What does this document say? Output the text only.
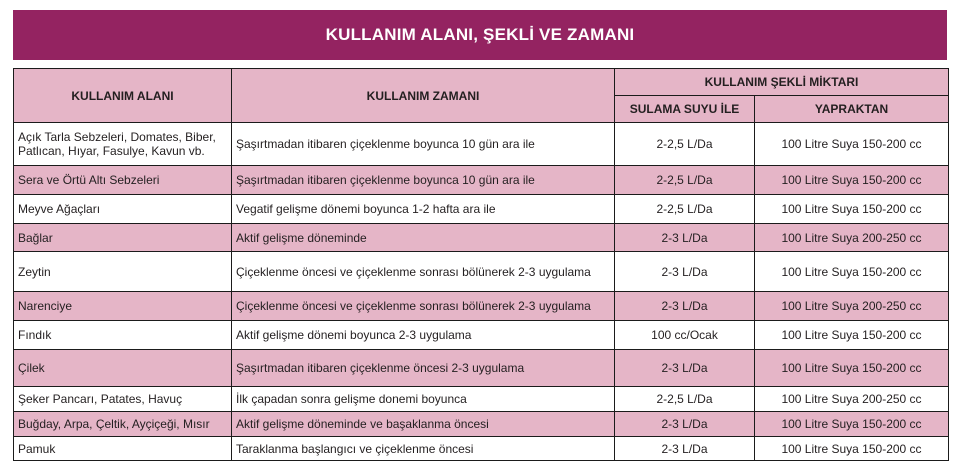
KULLANIM ALANI, ŞEKLİ VE ZAMANI
KULLANIM ALANI	KULLANIM ZAMANI	KULLANIM ŞEKLİ MİKTARI	
		SULAMA SUYU İLE	YAPRAKTAN

Açık Tarla Sebzeleri, Domates, Biber,
Patlıcan, Hıyar, Fasulye, Kavun vb.	Şaşırtmadan itibaren çiçeklenme boyunca 10 gün ara ile	2-2,5 L/Da	100 Litre Suya 150-200 cc
Sera ve Örtü Altı Sebzeleri	Şaşırtmadan itibaren çiçeklenme boyunca 10 gün ara ile	2-2,5 L/Da	100 Litre Suya 150-200 cc
Meyve Ağaçları	Vegatif gelişme dönemi boyunca 1-2 hafta ara ile	2-2,5 L/Da	100 Litre Suya 150-200 cc
Bağlar	Aktif gelişme döneminde	2-3 L/Da	100 Litre Suya 200-250 cc
Zeytin	Çiçeklenme öncesi ve çiçeklenme sonrası bölünerek 2-3 uygulama	2-3 L/Da	100 Litre Suya 150-200 cc
Narenciye	Çiçeklenme öncesi ve çiçeklenme sonrası bölünerek 2-3 uygulama	2-3 L/Da	100 Litre Suya 200-250 cc
Fındık	Aktif gelişme dönemi boyunca 2-3 uygulama	100 cc/Ocak	100 Litre Suya 150-200 cc
Çilek	Şaşırtmadan itibaren çiçeklenme öncesi 2-3 uygulama	2-3 L/Da	100 Litre Suya 150-200 cc
Şeker Pancarı, Patates, Havuç	İlk çapadan sonra gelişme donemi boyunca	2-2,5 L/Da	100 Litre Suya 200-250 cc
Buğday, Arpa, Çeltik, Ayçiçeği, Mısır	Aktif gelişme döneminde ve başaklanma öncesi	2-3 L/Da	100 Litre Suya 150-200 cc
Pamuk	Taraklanma başlangıcı ve çiçeklenme öncesi	2-3 L/Da	100 Litre Suya 150-200 cc
